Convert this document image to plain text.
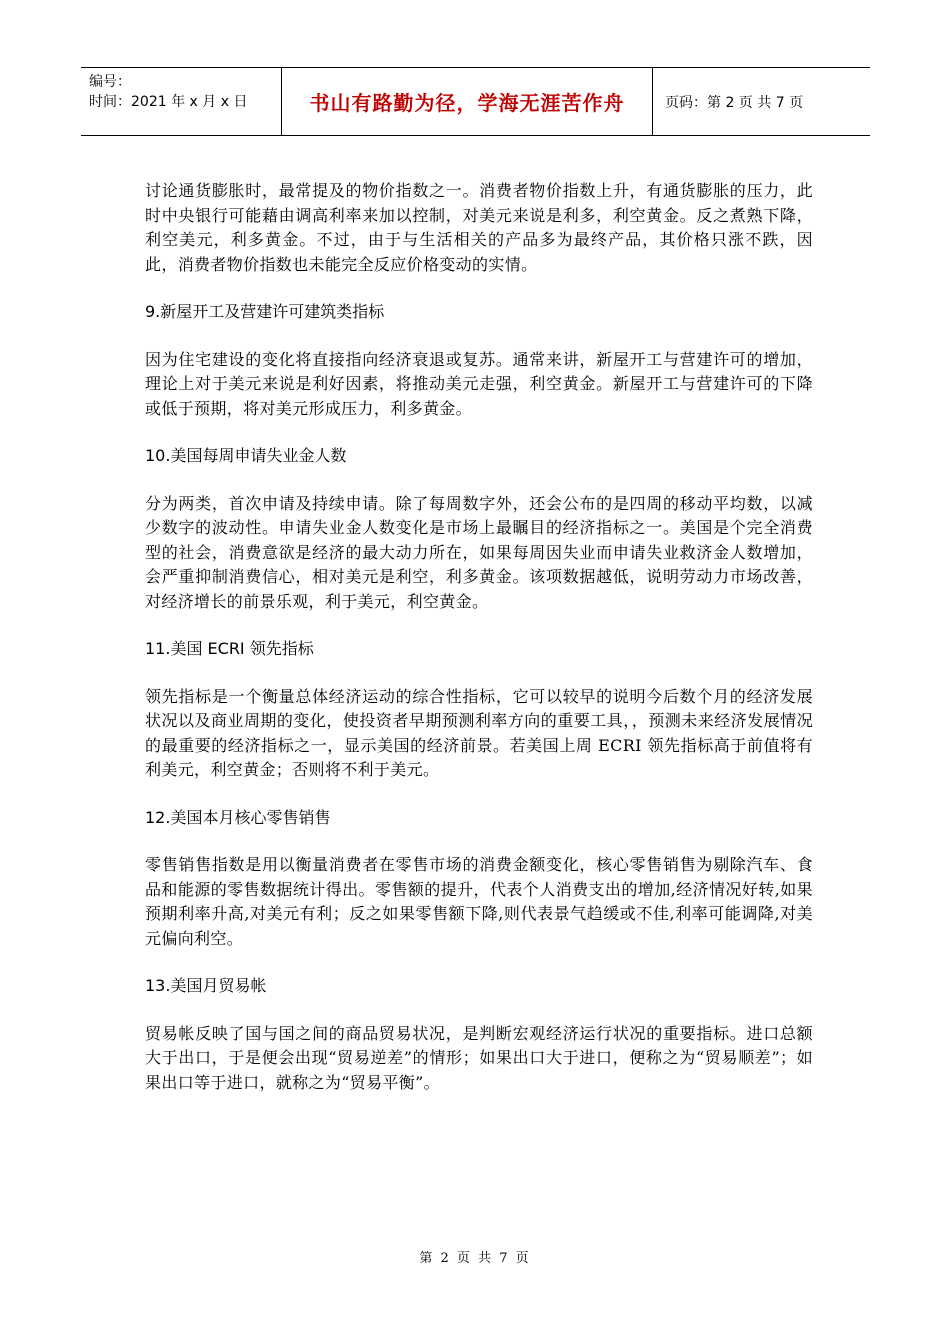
编号：
时间：2021 年 x 月 x 日	书山有路勤为径，学海无涯苦作舟	页码：第 2 页 共 7 页

讨论通货膨胀时，最常提及的物价指数之一。消费者物价指数上升，有通货膨胀的压力，此时中央银行可能藉由调高利率来加以控制，对美元来说是利多，利空黄金。反之煮熟下降，利空美元，利多黄金。不过，由于与生活相关的产品多为最终产品，其价格只涨不跌，因此，消费者物价指数也未能完全反应价格变动的实情。

9.新屋开工及营建许可建筑类指标

因为住宅建设的变化将直接指向经济衰退或复苏。通常来讲，新屋开工与营建许可的增加，理论上对于美元来说是利好因素，将推动美元走强，利空黄金。新屋开工与营建许可的下降或低于预期，将对美元形成压力，利多黄金。

10.美国每周申请失业金人数

分为两类，首次申请及持续申请。除了每周数字外，还会公布的是四周的移动平均数，以减少数字的波动性。申请失业金人数变化是市场上最瞩目的经济指标之一。美国是个完全消费型的社会，消费意欲是经济的最大动力所在，如果每周因失业而申请失业救济金人数增加，会严重抑制消费信心，相对美元是利空，利多黄金。该项数据越低，说明劳动力市场改善，对经济增长的前景乐观，利于美元，利空黄金。

11.美国 ECRI 领先指标

领先指标是一个衡量总体经济运动的综合性指标，它可以较早的说明今后数个月的经济发展状况以及商业周期的变化，使投资者早期预测利率方向的重要工具，，预测未来经济发展情况的最重要的经济指标之一，显示美国的经济前景。若美国上周 ECRI 领先指标高于前值将有利美元，利空黄金；否则将不利于美元。

12.美国本月核心零售销售

零售销售指数是用以衡量消费者在零售市场的消费金额变化，核心零售销售为剔除汽车、食品和能源的零售数据统计得出。零售额的提升，代表个人消费支出的增加,经济情况好转,如果预期利率升高,对美元有利；反之如果零售额下降,则代表景气趋缓或不佳,利率可能调降,对美元偏向利空。

13.美国月贸易帐

贸易帐反映了国与国之间的商品贸易状况，是判断宏观经济运行状况的重要指标。进口总额大于出口，于是便会出现“贸易逆差”的情形；如果出口大于进口，便称之为“贸易顺差”；如果出口等于进口，就称之为“贸易平衡”。

第 2 页 共 7 页
